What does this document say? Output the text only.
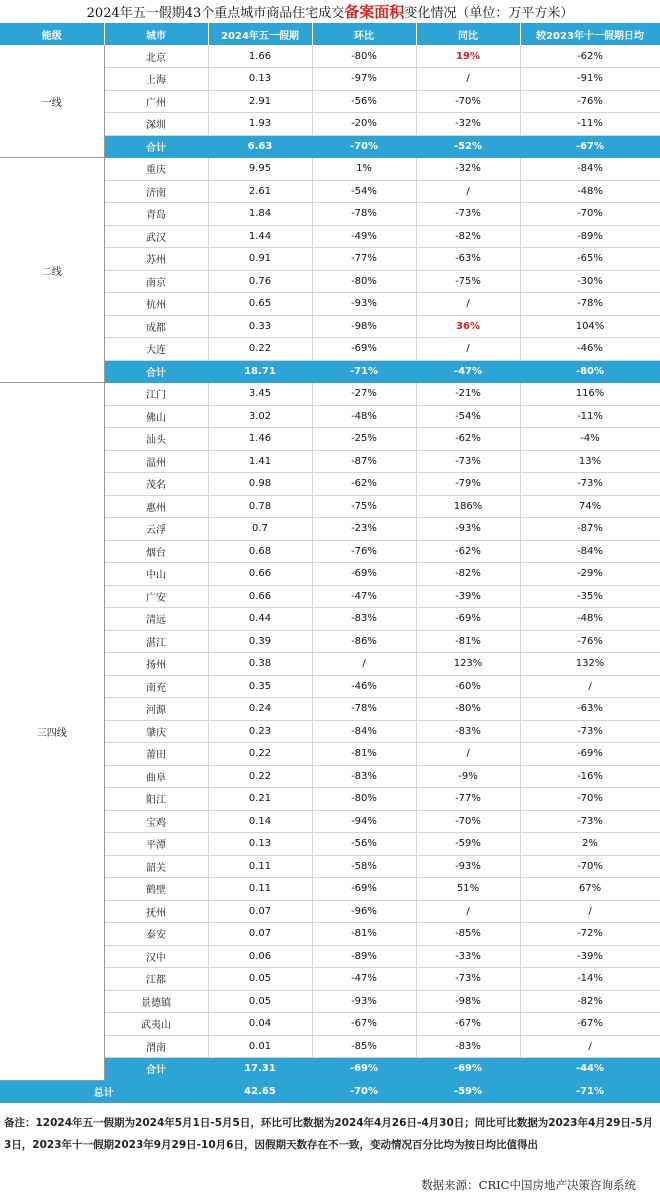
2024年五一假期43个重点城市商品住宅成交备案面积变化情况（单位：万平方米）
能级	城市	2024年五一假期	环比	同比	较2023年十一假期日均
一线	北京	1.66	-80%	19%	-62%
	上海	0.13	-97%	/	-91%
	广州	2.91	-56%	-70%	-76%
	深圳	1.93	-20%	-32%	-11%
	合计	6.63	-70%	-52%	-67%
二线	重庆	9.95	1%	-32%	-84%
	济南	2.61	-54%	/	-48%
	青岛	1.84	-78%	-73%	-70%
	武汉	1.44	-49%	-82%	-89%
	苏州	0.91	-77%	-63%	-65%
	南京	0.76	-80%	-75%	-30%
	杭州	0.65	-93%	/	-78%
	成都	0.33	-98%	36%	104%
	大连	0.22	-69%	/	-46%
	合计	18.71	-71%	-47%	-80%
三四线	江门	3.45	-27%	-21%	116%
	佛山	3.02	-48%	-54%	-11%
	汕头	1.46	-25%	-62%	-4%
	温州	1.41	-87%	-73%	13%
	茂名	0.98	-62%	-79%	-73%
	惠州	0.78	-75%	186%	74%
	云浮	0.7	-23%	-93%	-87%
	烟台	0.68	-76%	-62%	-84%
	中山	0.66	-69%	-82%	-29%
	广安	0.66	-47%	-39%	-35%
	清远	0.44	-83%	-69%	-48%
	湛江	0.39	-86%	-81%	-76%
	扬州	0.38	/	123%	132%
	南充	0.35	-46%	-60%	/
	河源	0.24	-78%	-80%	-63%
	肇庆	0.23	-84%	-83%	-73%
	莆田	0.22	-81%	/	-69%
	曲阜	0.22	-83%	-9%	-16%
	阳江	0.21	-80%	-77%	-70%
	宝鸡	0.14	-94%	-70%	-73%
	平潭	0.13	-56%	-59%	2%
	韶关	0.11	-58%	-93%	-70%
	鹤壁	0.11	-69%	51%	67%
	抚州	0.07	-96%	/	/
	泰安	0.07	-81%	-85%	-72%
	汉中	0.06	-89%	-33%	-39%
	江都	0.05	-47%	-73%	-14%
	景德镇	0.05	-93%	-98%	-82%
	武夷山	0.04	-67%	-67%	-67%
	渭南	0.01	-85%	-83%	/
	合计	17.31	-69%	-69%	-44%
总计		42.65	-70%	-59%	-71%
备注：12024年五一假期为2024年5月1日-5月5日，环比可比数据为2024年4月26日-4月30日；同比可比数据为2023年4月29日-5月3日，2023年十一假期2023年9月29日-10月6日，因假期天数存在不一致，变动情况百分比均为按日均比值得出
数据来源：CRIC中国房地产决策咨询系统
